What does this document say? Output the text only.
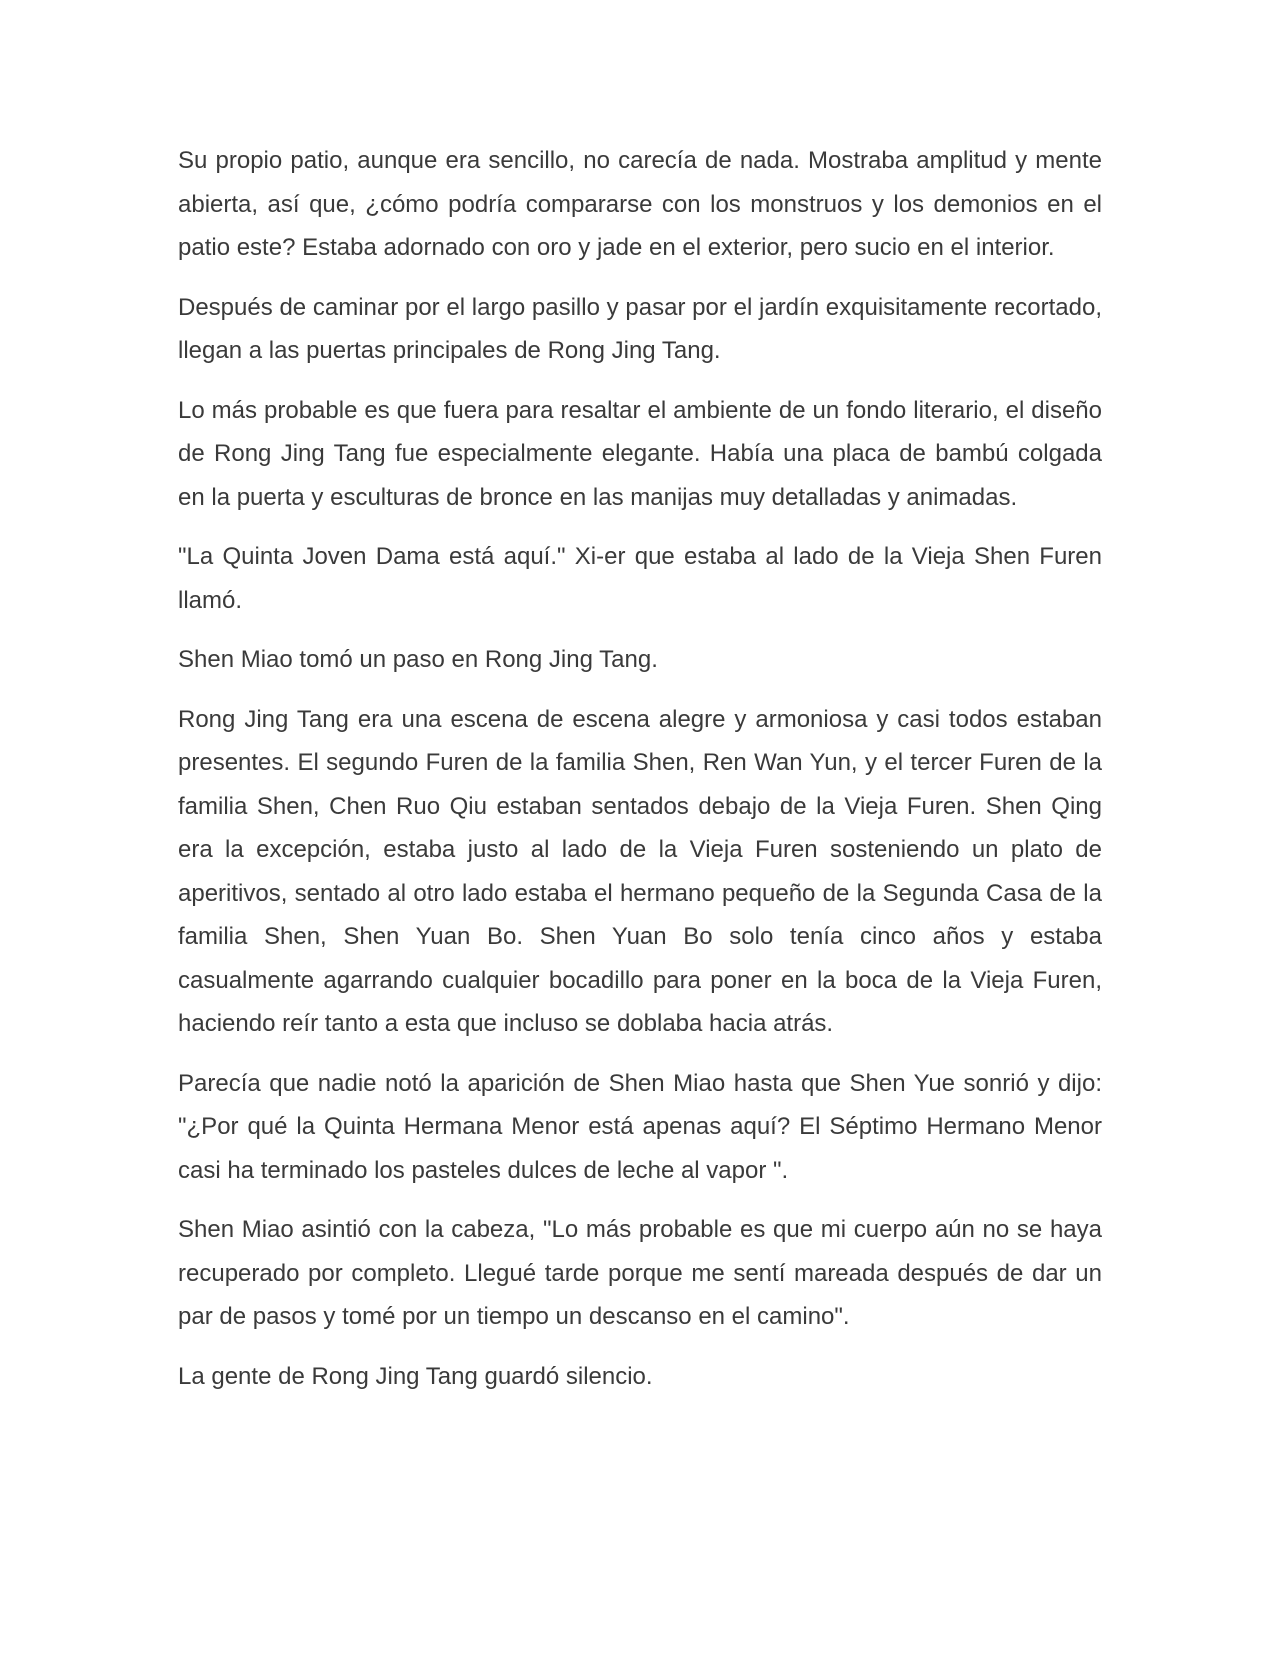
Su propio patio, aunque era sencillo, no carecía de nada. Mostraba amplitud y mente abierta, así que, ¿cómo podría compararse con los monstruos y los demonios en el patio este? Estaba adornado con oro y jade en el exterior, pero sucio en el interior.

Después de caminar por el largo pasillo y pasar por el jardín exquisitamente recortado, llegan a las puertas principales de Rong Jing Tang.

Lo más probable es que fuera para resaltar el ambiente de un fondo literario, el diseño de Rong Jing Tang fue especialmente elegante. Había una placa de bambú colgada en la puerta y esculturas de bronce en las manijas muy detalladas y animadas.

"La Quinta Joven Dama está aquí." Xi-er que estaba al lado de la Vieja Shen Furen llamó.

Shen Miao tomó un paso en Rong Jing Tang.

Rong Jing Tang era una escena de escena alegre y armoniosa y casi todos estaban presentes. El segundo Furen de la familia Shen, Ren Wan Yun, y el tercer Furen de la familia Shen, Chen Ruo Qiu estaban sentados debajo de la Vieja Furen. Shen Qing era la excepción, estaba justo al lado de la Vieja Furen sosteniendo un plato de aperitivos, sentado al otro lado estaba el hermano pequeño de la Segunda Casa de la familia Shen, Shen Yuan Bo. Shen Yuan Bo solo tenía cinco años y estaba casualmente agarrando cualquier bocadillo para poner en la boca de la Vieja Furen, haciendo reír tanto a esta que incluso se doblaba hacia atrás.

Parecía que nadie notó la aparición de Shen Miao hasta que Shen Yue sonrió y dijo: "¿Por qué la Quinta Hermana Menor está apenas aquí? El Séptimo Hermano Menor casi ha terminado los pasteles dulces de leche al vapor ".

Shen Miao asintió con la cabeza, "Lo más probable es que mi cuerpo aún no se haya recuperado por completo. Llegué tarde porque me sentí mareada después de dar un par de pasos y tomé por un tiempo un descanso en el camino".

La gente de Rong Jing Tang guardó silencio.
